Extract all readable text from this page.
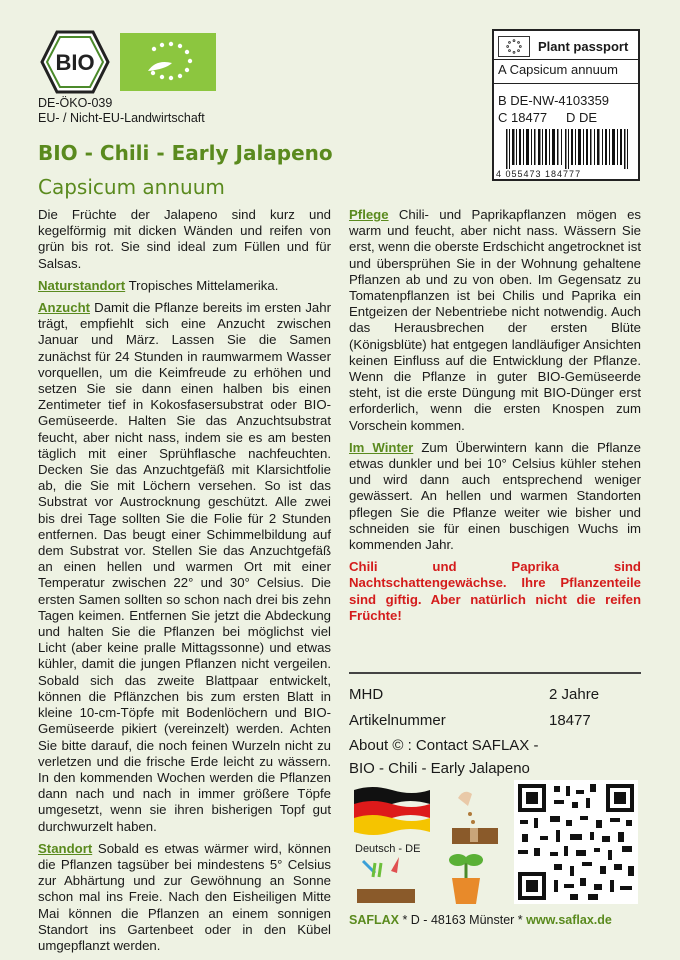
BIO
DE-ÖKO-039
EU- / Nicht-EU-Landwirtschaft
BIO - Chili - Early Jalapeno
Capsicum annuum
Plant passport
A Capsicum annuum
B DE-NW-4103359
C 18477 D DE
4 055473 184777

Die Früchte der Jalapeno sind kurz und kegelförmig mit dicken Wänden und reifen von grün bis rot. Sie sind ideal zum Füllen und für Salsas.

Naturstandort Tropisches Mittelamerika.

Anzucht Damit die Pflanze bereits im ersten Jahr trägt, empfiehlt sich eine Anzucht zwischen Januar und März. Lassen Sie die Samen zunächst für 24 Stunden in raumwarmem Wasser vorquellen, um die Keimfreude zu erhöhen und setzen Sie sie dann einen halben bis einen Zentimeter tief in Kokosfasersubstrat oder BIO-Gemüseerde. Halten Sie das Anzuchtsubstrat feucht, aber nicht nass, indem sie es am besten täglich mit einer Sprühflasche nachfeuchten. Decken Sie das Anzuchtgefäß mit Klarsichtfolie ab, die Sie mit Löchern versehen. So ist das Substrat vor Austrocknung geschützt. Alle zwei bis drei Tage sollten Sie die Folie für 2 Stunden entfernen. Das beugt einer Schimmelbildung auf dem Substrat vor. Stellen Sie das Anzuchtgefäß an einen hellen und warmen Ort mit einer Temperatur zwischen 22° und 30° Celsius. Die ersten Samen sollten so schon nach drei bis zehn Tagen keimen. Entfernen Sie jetzt die Abdeckung und halten Sie die Pflanzen bei möglichst viel Licht (aber keine pralle Mittagssonne) und etwas kühler, damit die jungen Pflanzen nicht vergeilen. Sobald sich das zweite Blattpaar entwickelt, können die Pflänzchen bis zum ersten Blatt in kleine 10-cm-Töpfe mit Bodenlöchern und BIO-Gemüseerde pikiert (vereinzelt) werden. Achten Sie bitte darauf, die noch feinen Wurzeln nicht zu verletzen und die frische Erde leicht zu wässern. In den kommenden Wochen werden die Pflanzen dann nach und nach in immer größere Töpfe umgesetzt, wenn sie ihren bisherigen Topf gut durchwurzelt haben.

Standort Sobald es etwas wärmer wird, können die Pflanzen tagsüber bei mindestens 5° Celsius zur Abhärtung und zur Gewöhnung an Sonne schon mal ins Freie. Nach den Eisheiligen Mitte Mai können die Pflanzen an einem sonnigen Standort ins Gartenbeet oder in den Kübel umgepflanzt werden.

Pflege Chili- und Paprikapflanzen mögen es warm und feucht, aber nicht nass. Wässern Sie erst, wenn die oberste Erdschicht angetrocknet ist und übersprühen Sie in der Wohnung gehaltene Pflanzen ab und zu von oben. Im Gegensatz zu Tomatenpflanzen ist bei Chilis und Paprika ein Entgeizen der Nebentriebe nicht notwendig. Auch das Herausbrechen der ersten Blüte (Königsblüte) hat entgegen landläufiger Ansichten keinen Einfluss auf die Entwicklung der Pflanze. Wenn die Pflanze in guter BIO-Gemüseerde steht, ist die erste Düngung mit BIO-Dünger erst erforderlich, wenn die ersten Knospen zum Vorschein kommen.

Im Winter Zum Überwintern kann die Pflanze etwas dunkler und bei 10° Celsius kühler stehen und wird dann auch entsprechend weniger gewässert. An hellen und warmen Standorten pflegen Sie die Pflanze weiter wie bisher und schneiden sie für einen buschigen Wuchs im kommenden Jahr.

Chili und Paprika sind Nachtschattengewächse. Ihre Pflanzenteile sind giftig. Aber natürlich nicht die reifen Früchte!

MHD	2 Jahre
Artikelnummer	18477
About © : Contact SAFLAX -
BIO - Chili - Early Jalapeno
Deutsch - DE
SAFLAX * D - 48163 Münster * www.saflax.de
